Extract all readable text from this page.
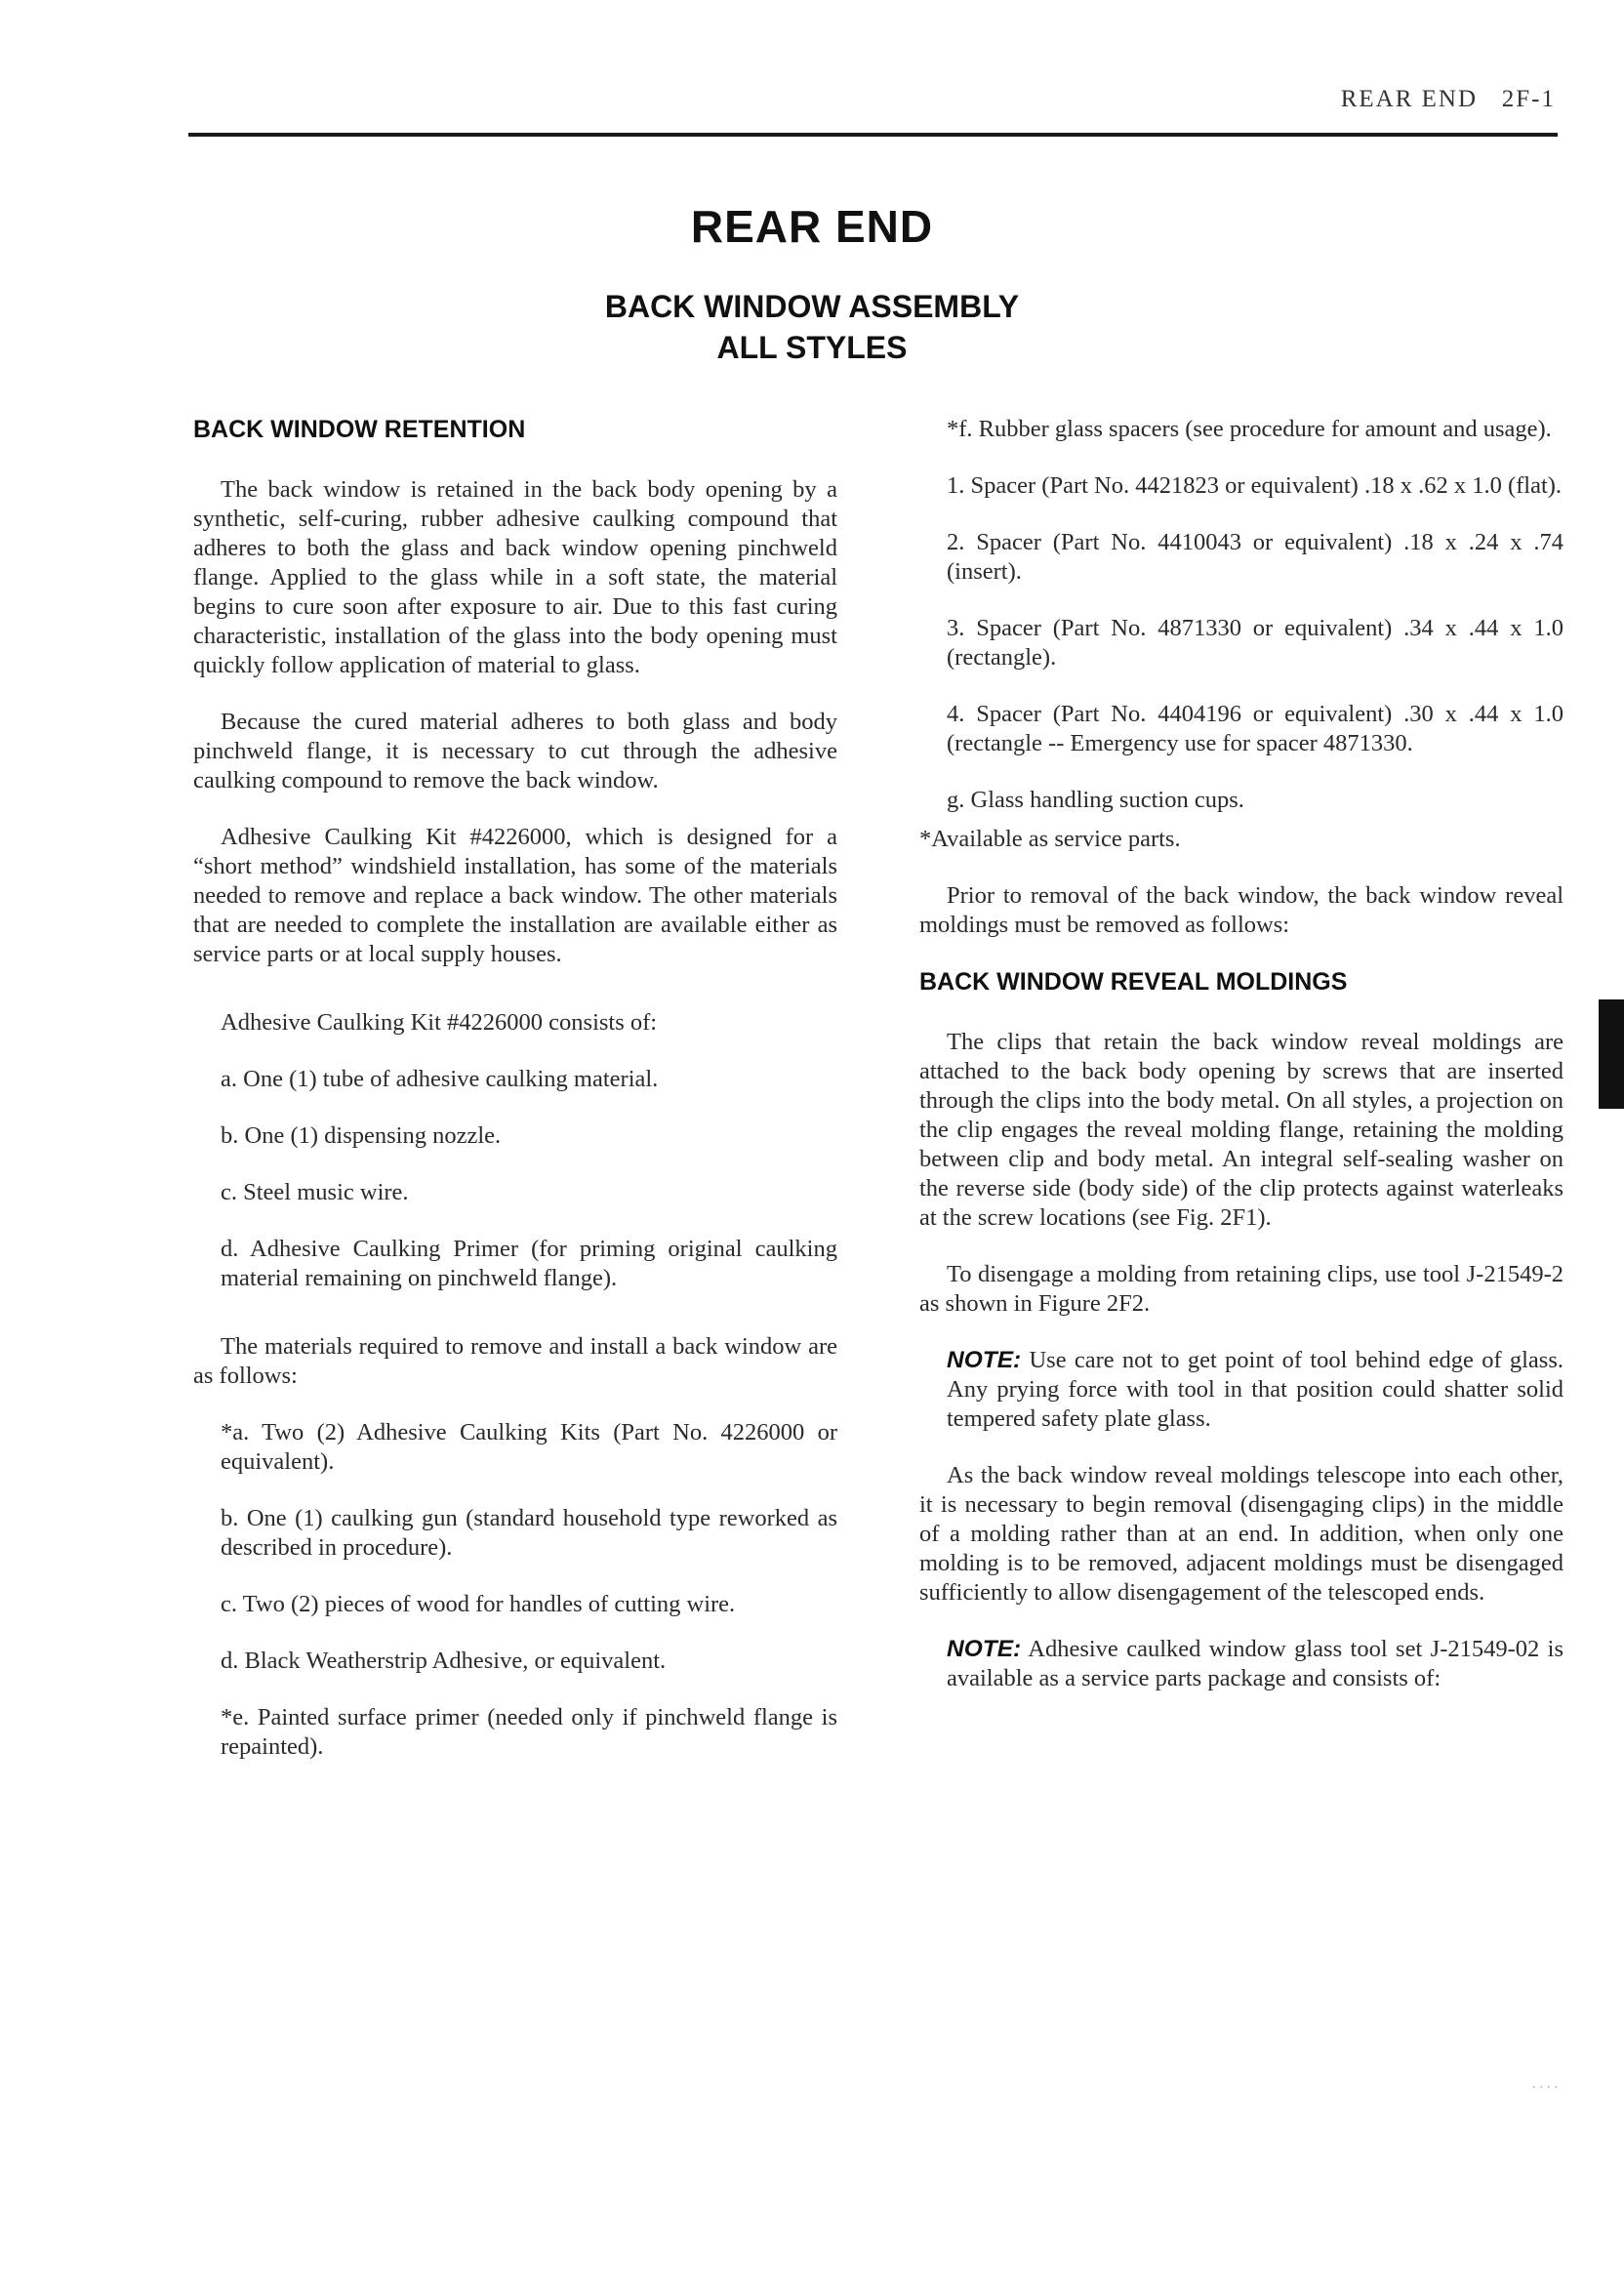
REAR END 2F-1
REAR END
BACK WINDOW ASSEMBLY
ALL STYLES
BACK WINDOW RETENTION

The back window is retained in the back body opening by a synthetic, self-curing, rubber adhesive caulking compound that adheres to both the glass and back window opening pinchweld flange. Applied to the glass while in a soft state, the material begins to cure soon after exposure to air. Due to this fast curing characteristic, installation of the glass into the body opening must quickly follow application of material to glass.

Because the cured material adheres to both glass and body pinchweld flange, it is necessary to cut through the adhesive caulking compound to remove the back window.

Adhesive Caulking Kit #4226000, which is designed for a “short method” windshield installation, has some of the materials needed to remove and replace a back window. The other materials that are needed to complete the installation are available either as service parts or at local supply houses.

Adhesive Caulking Kit #4226000 consists of:

a. One (1) tube of adhesive caulking material.

b. One (1) dispensing nozzle.

c. Steel music wire.

d. Adhesive Caulking Primer (for priming original caulking material remaining on pinchweld flange).

The materials required to remove and install a back window are as follows:

*a. Two (2) Adhesive Caulking Kits (Part No. 4226000 or equivalent).

b. One (1) caulking gun (standard household type reworked as described in procedure).

c. Two (2) pieces of wood for handles of cutting wire.

d. Black Weatherstrip Adhesive, or equivalent.

*e. Painted surface primer (needed only if pinchweld flange is repainted).

*f. Rubber glass spacers (see procedure for amount and usage).

1. Spacer (Part No. 4421823 or equivalent) .18 x .62 x 1.0 (flat).

2. Spacer (Part No. 4410043 or equivalent) .18 x .24 x .74 (insert).

3. Spacer (Part No. 4871330 or equivalent) .34 x .44 x 1.0 (rectangle).

4. Spacer (Part No. 4404196 or equivalent) .30 x .44 x 1.0 (rectangle -- Emergency use for spacer 4871330.

g. Glass handling suction cups.

*Available as service parts.

Prior to removal of the back window, the back window reveal moldings must be removed as follows:

BACK WINDOW REVEAL MOLDINGS

The clips that retain the back window reveal moldings are attached to the back body opening by screws that are inserted through the clips into the body metal. On all styles, a projection on the clip engages the reveal molding flange, retaining the molding between clip and body metal. An integral self-sealing washer on the reverse side (body side) of the clip protects against waterleaks at the screw locations (see Fig. 2F1).

To disengage a molding from retaining clips, use tool J-21549-2 as shown in Figure 2F2.

NOTE: Use care not to get point of tool behind edge of glass. Any prying force with tool in that position could shatter solid tempered safety plate glass.

As the back window reveal moldings telescope into each other, it is necessary to begin removal (disengaging clips) in the middle of a molding rather than at an end. In addition, when only one molding is to be removed, adjacent moldings must be disengaged sufficiently to allow disengagement of the telescoped ends.

NOTE: Adhesive caulked window glass tool set J-21549-02 is available as a service parts package and consists of:

....
